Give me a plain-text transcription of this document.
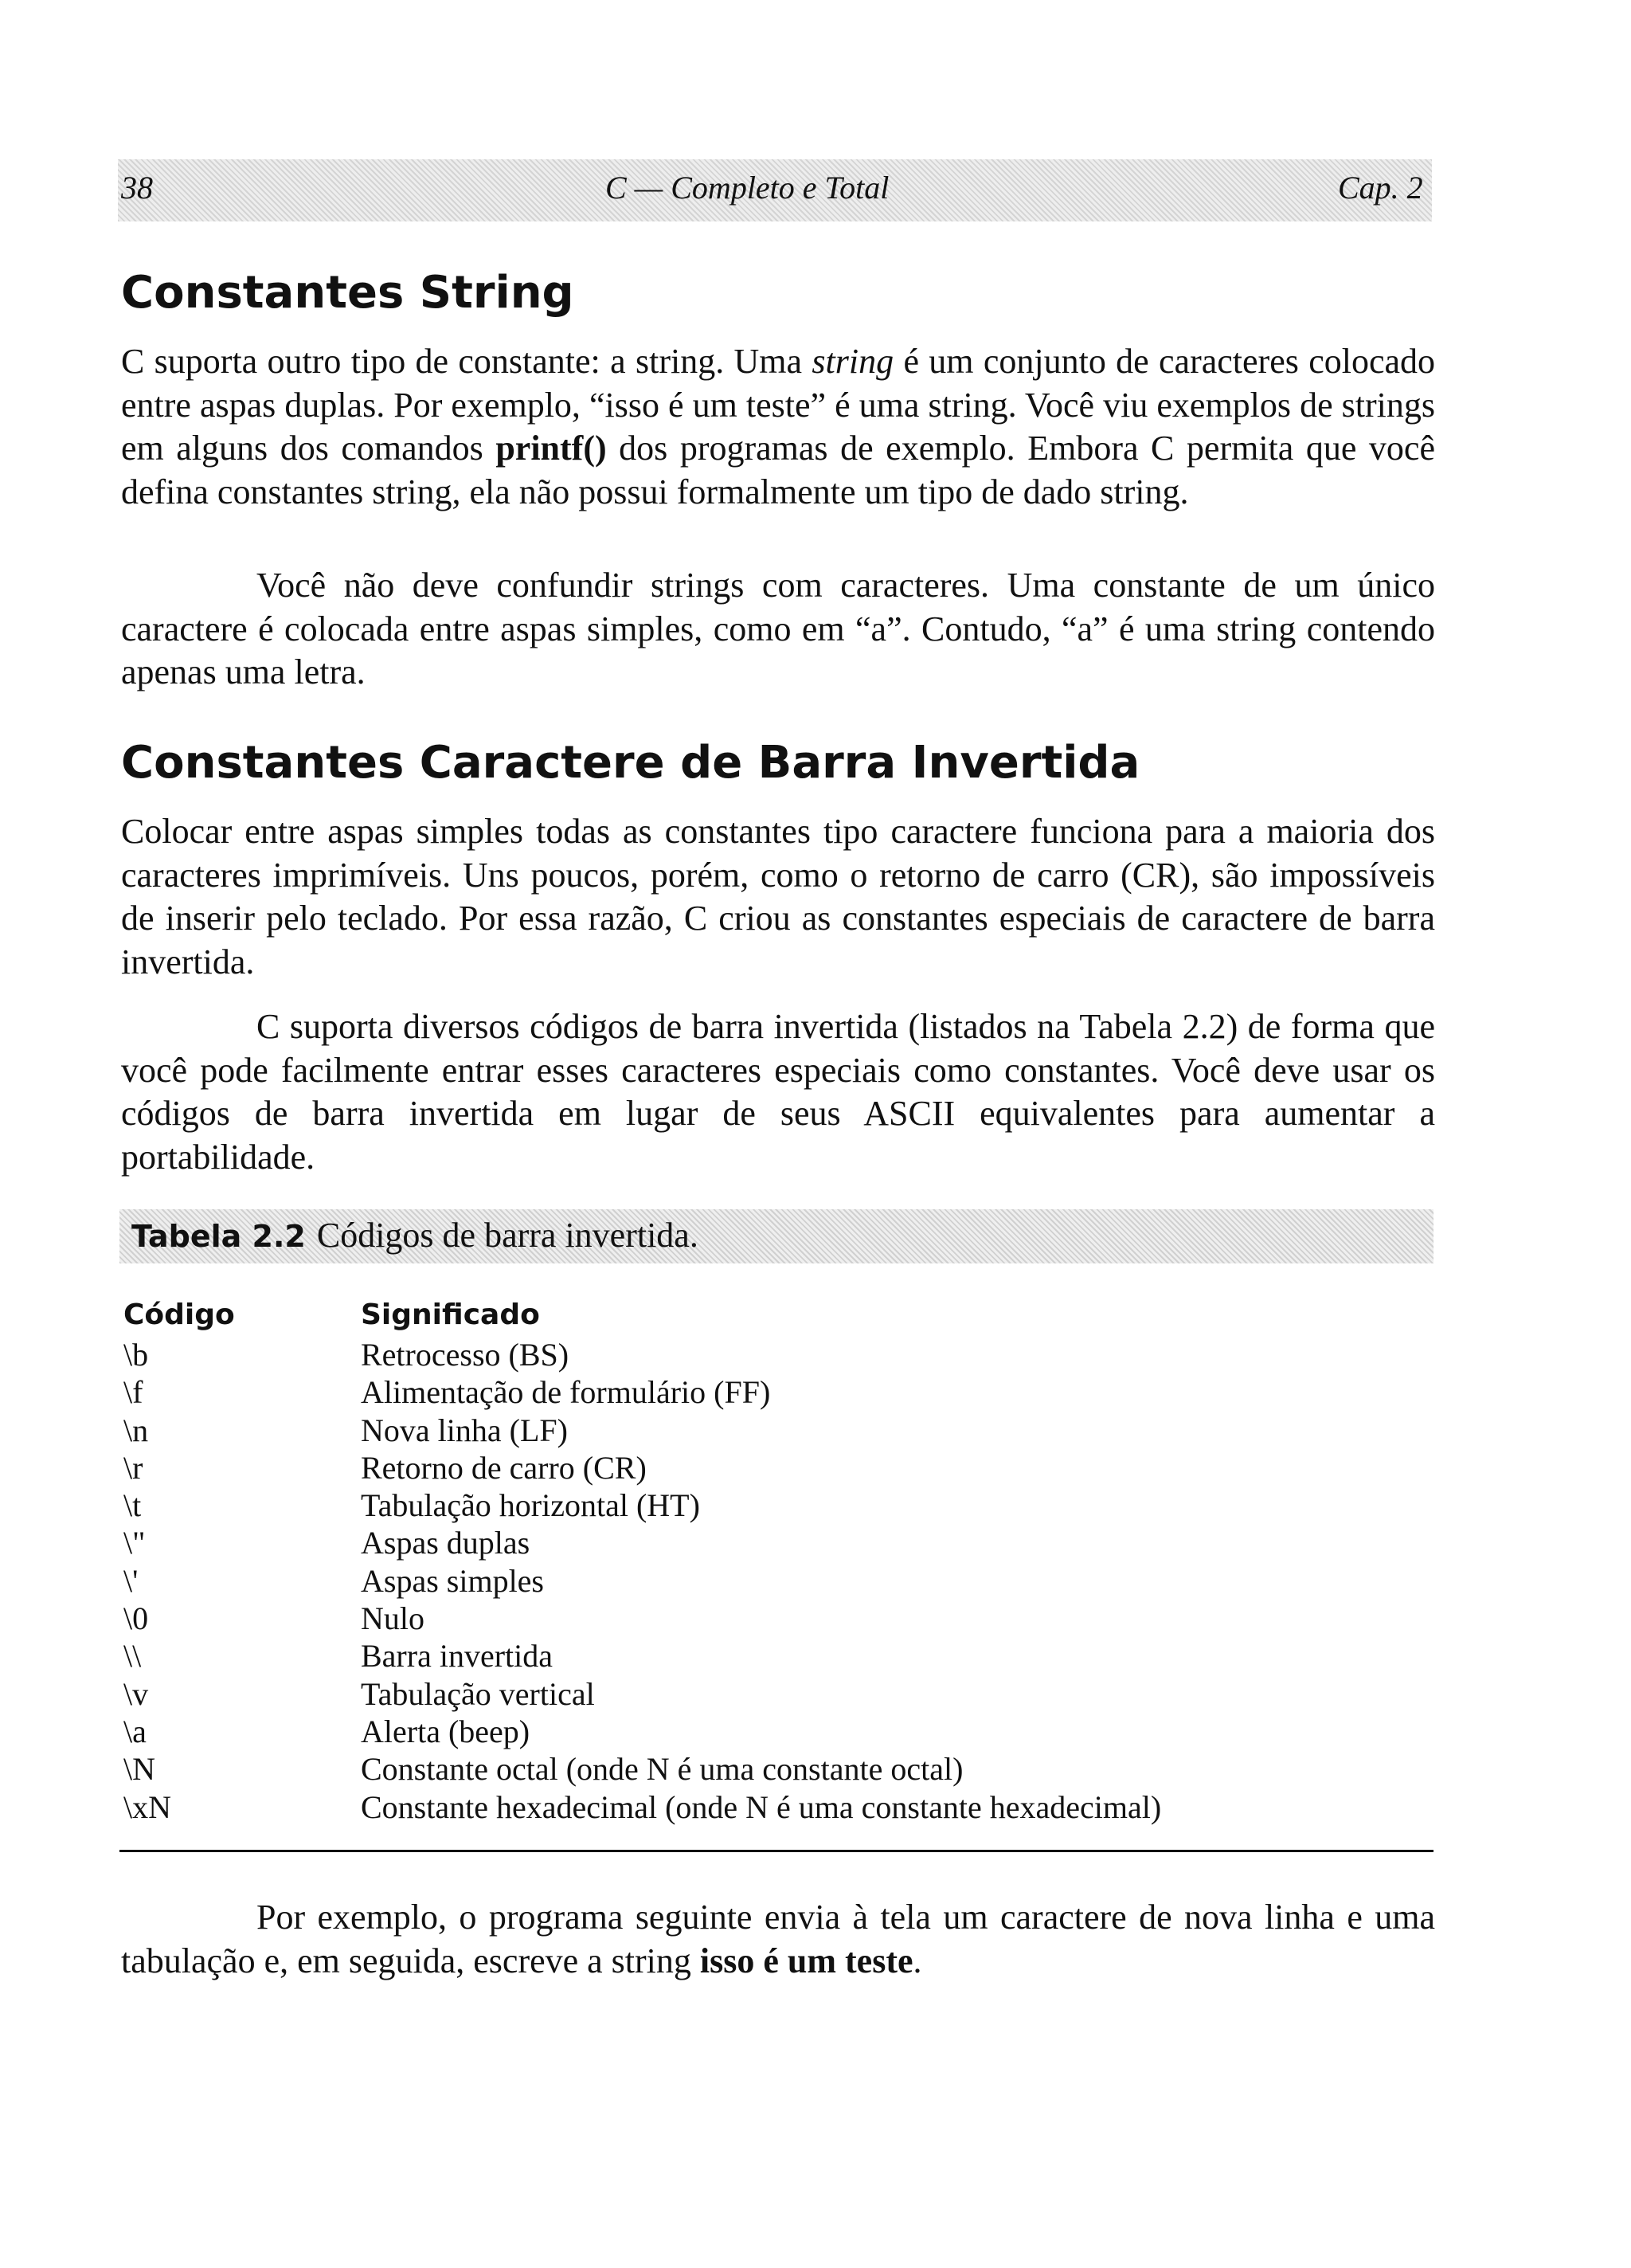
38	C — Completo e Total	Cap. 2
Constantes String

C suporta outro tipo de constante: a string. Uma string é um conjunto de caracteres colocado entre aspas duplas. Por exemplo, “isso é um teste” é uma string. Você viu exemplos de strings em alguns dos comandos printf() dos programas de exemplo. Embora C permita que você defina constantes string, ela não possui formalmente um tipo de dado string.

Você não deve confundir strings com caracteres. Uma constante de um único caractere é colocada entre aspas simples, como em “a”. Contudo, “a” é uma string contendo apenas uma letra.

Constantes Caractere de Barra Invertida

Colocar entre aspas simples todas as constantes tipo caractere funciona para a maioria dos caracteres imprimíveis. Uns poucos, porém, como o retorno de carro (CR), são impossíveis de inserir pelo teclado. Por essa razão, C criou as constantes especiais de caractere de barra invertida.

C suporta diversos códigos de barra invertida (listados na Tabela 2.2) de forma que você pode facilmente entrar esses caracteres especiais como constantes. Você deve usar os códigos de barra invertida em lugar de seus ASCII equivalentes para aumentar a portabilidade.

Tabela 2.2 Códigos de barra invertida.
Código	Significado
\b	Retrocesso (BS)
\f	Alimentação de formulário (FF)
\n	Nova linha (LF)
\r	Retorno de carro (CR)
\t	Tabulação horizontal (HT)
\"	Aspas duplas
\'	Aspas simples
\0	Nulo
\\	Barra invertida
\v	Tabulação vertical
\a	Alerta (beep)
\N	Constante octal (onde N é uma constante octal)
\xN	Constante hexadecimal (onde N é uma constante hexadecimal)

Por exemplo, o programa seguinte envia à tela um caractere de nova linha e uma tabulação e, em seguida, escreve a string isso é um teste.
